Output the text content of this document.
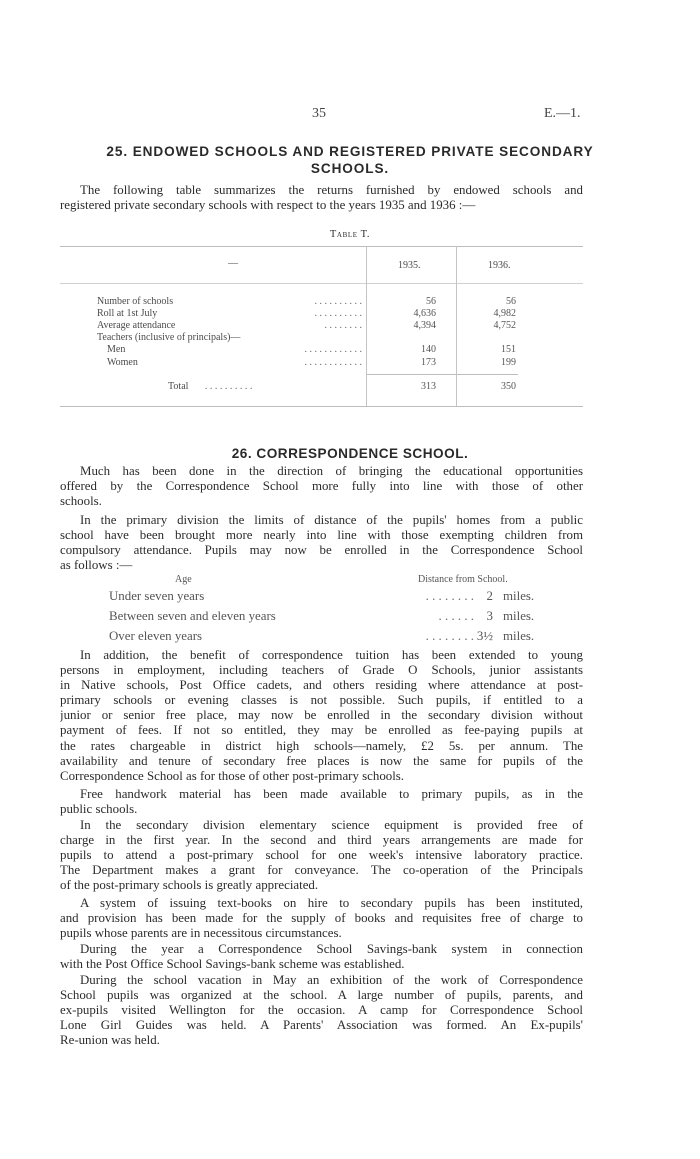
35	E.—1.
25. ENDOWED SCHOOLS AND REGISTERED PRIVATE SECONDARY
SCHOOLS.
The following table summarizes the returns furnished by endowed schools and
registered private secondary schools with respect to the years 1935 and 1936 :—
Table T.
—	1935.	1936.
Number of schools	. . . . . . . . . .	56	56
Roll at 1st July	. . . . . . . . . .	4,636	4,982
Average attendance	. . . . . . . .	4,394	4,752
Teachers (inclusive of principals)—
Men	. . . . . . . . . . . .	140	151
Women	. . . . . . . . . . . .	173	199
Total . . . . . . . . . .	313	350
26. CORRESPONDENCE SCHOOL.
Much has been done in the direction of bringing the educational opportunities
offered by the Correspondence School more fully into line with those of other
schools.
In the primary division the limits of distance of the pupils' homes from a public
school have been brought more nearly into line with those exempting children from
compulsory attendance. Pupils may now be enrolled in the Correspondence School
as follows :—
Age	Distance from School.
Under seven years	. . . . . . . . 2 miles.
Between seven and eleven years	. . . . . . 3 miles.
Over eleven years	. . . . . . . . 3½ miles.
In addition, the benefit of correspondence tuition has been extended to young
persons in employment, including teachers of Grade O Schools, junior assistants
in Native schools, Post Office cadets, and others residing where attendance at post-
primary schools or evening classes is not possible. Such pupils, if entitled to a
junior or senior free place, may now be enrolled in the secondary division without
payment of fees. If not so entitled, they may be enrolled as fee-paying pupils at
the rates chargeable in district high schools—namely, £2 5s. per annum. The
availability and tenure of secondary free places is now the same for pupils of the
Correspondence School as for those of other post-primary schools.
Free handwork material has been made available to primary pupils, as in the
public schools.
In the secondary division elementary science equipment is provided free of
charge in the first year. In the second and third years arrangements are made for
pupils to attend a post-primary school for one week's intensive laboratory practice.
The Department makes a grant for conveyance. The co-operation of the Principals
of the post-primary schools is greatly appreciated.
A system of issuing text-books on hire to secondary pupils has been instituted,
and provision has been made for the supply of books and requisites free of charge to
pupils whose parents are in necessitous circumstances.
During the year a Correspondence School Savings-bank system in connection
with the Post Office School Savings-bank scheme was established.
During the school vacation in May an exhibition of the work of Correspondence
School pupils was organized at the school. A large number of pupils, parents, and
ex-pupils visited Wellington for the occasion. A camp for Correspondence School
Lone Girl Guides was held. A Parents' Association was formed. An Ex-pupils'
Re-union was held.
